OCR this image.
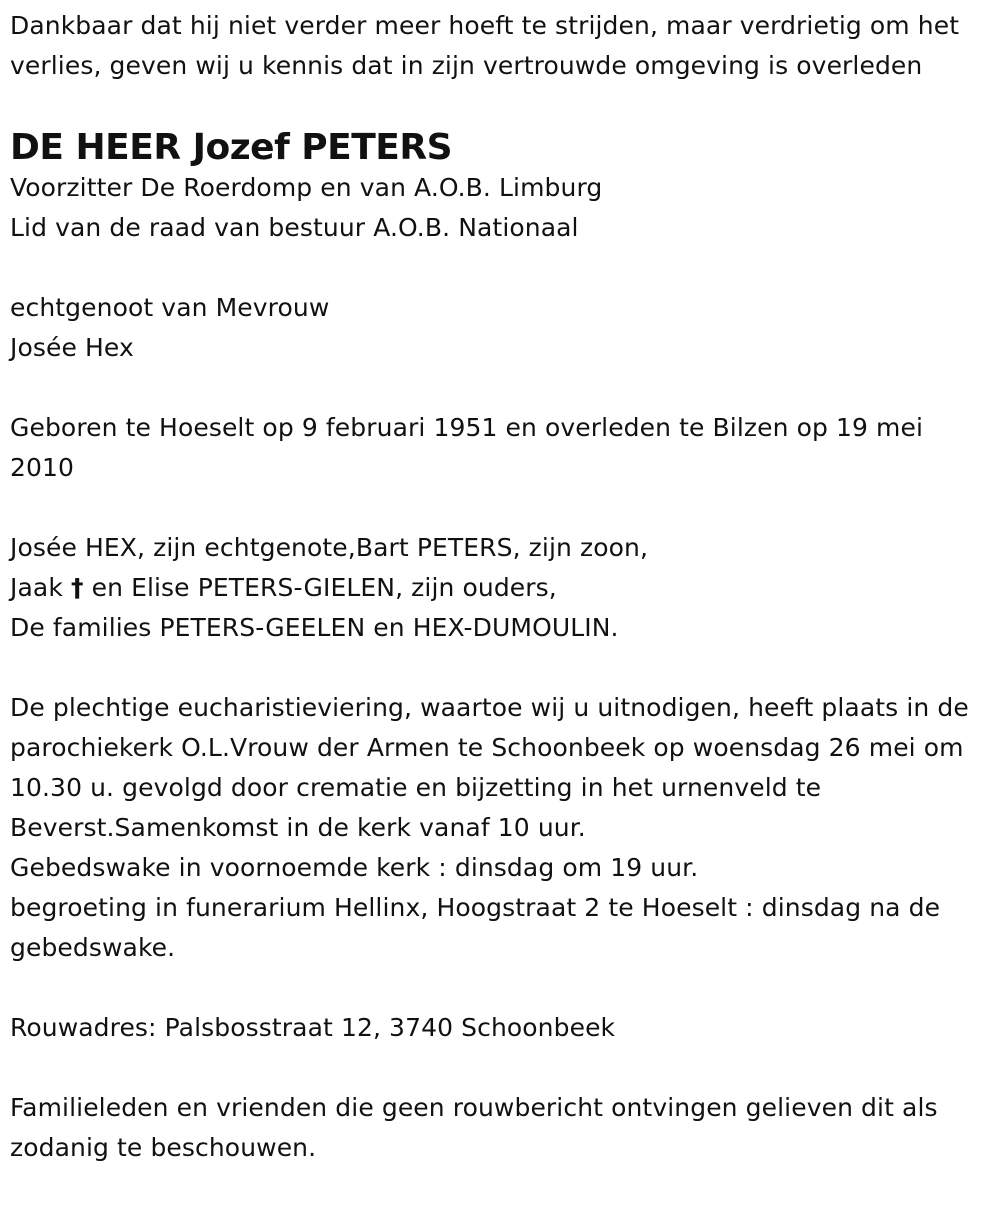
Dankbaar dat hij niet verder meer hoeft te strijden, maar verdrietig om het verlies, geven wij u kennis dat in zijn vertrouwde omgeving is overleden

DE HEER Jozef PETERS
Voorzitter De Roerdomp en van A.O.B. Limburg
Lid van de raad van bestuur A.O.B. Nationaal
echtgenoot van Mevrouw
Josée Hex

Geboren te Hoeselt op 9 februari 1951 en overleden te Bilzen op 19 mei 2010

Josée HEX, zijn echtgenote,Bart PETERS, zijn zoon,
Jaak † en Elise PETERS-GIELEN, zijn ouders,
De families PETERS-GEELEN en HEX-DUMOULIN.
De plechtige eucharistieviering, waartoe wij u uitnodigen, heeft plaats in de parochiekerk O.L.Vrouw der Armen te Schoonbeek op woensdag 26 mei om 10.30 u. gevolgd door crematie en bijzetting in het urnenveld te Beverst.Samenkomst in de kerk vanaf 10 uur.
Gebedswake in voornoemde kerk : dinsdag om 19 uur.
begroeting in funerarium Hellinx, Hoogstraat 2 te Hoeselt : dinsdag na de gebedswake.

Rouwadres: Palsbosstraat 12, 3740 Schoonbeek

Familieleden en vrienden die geen rouwbericht ontvingen gelieven dit als zodanig te beschouwen.
